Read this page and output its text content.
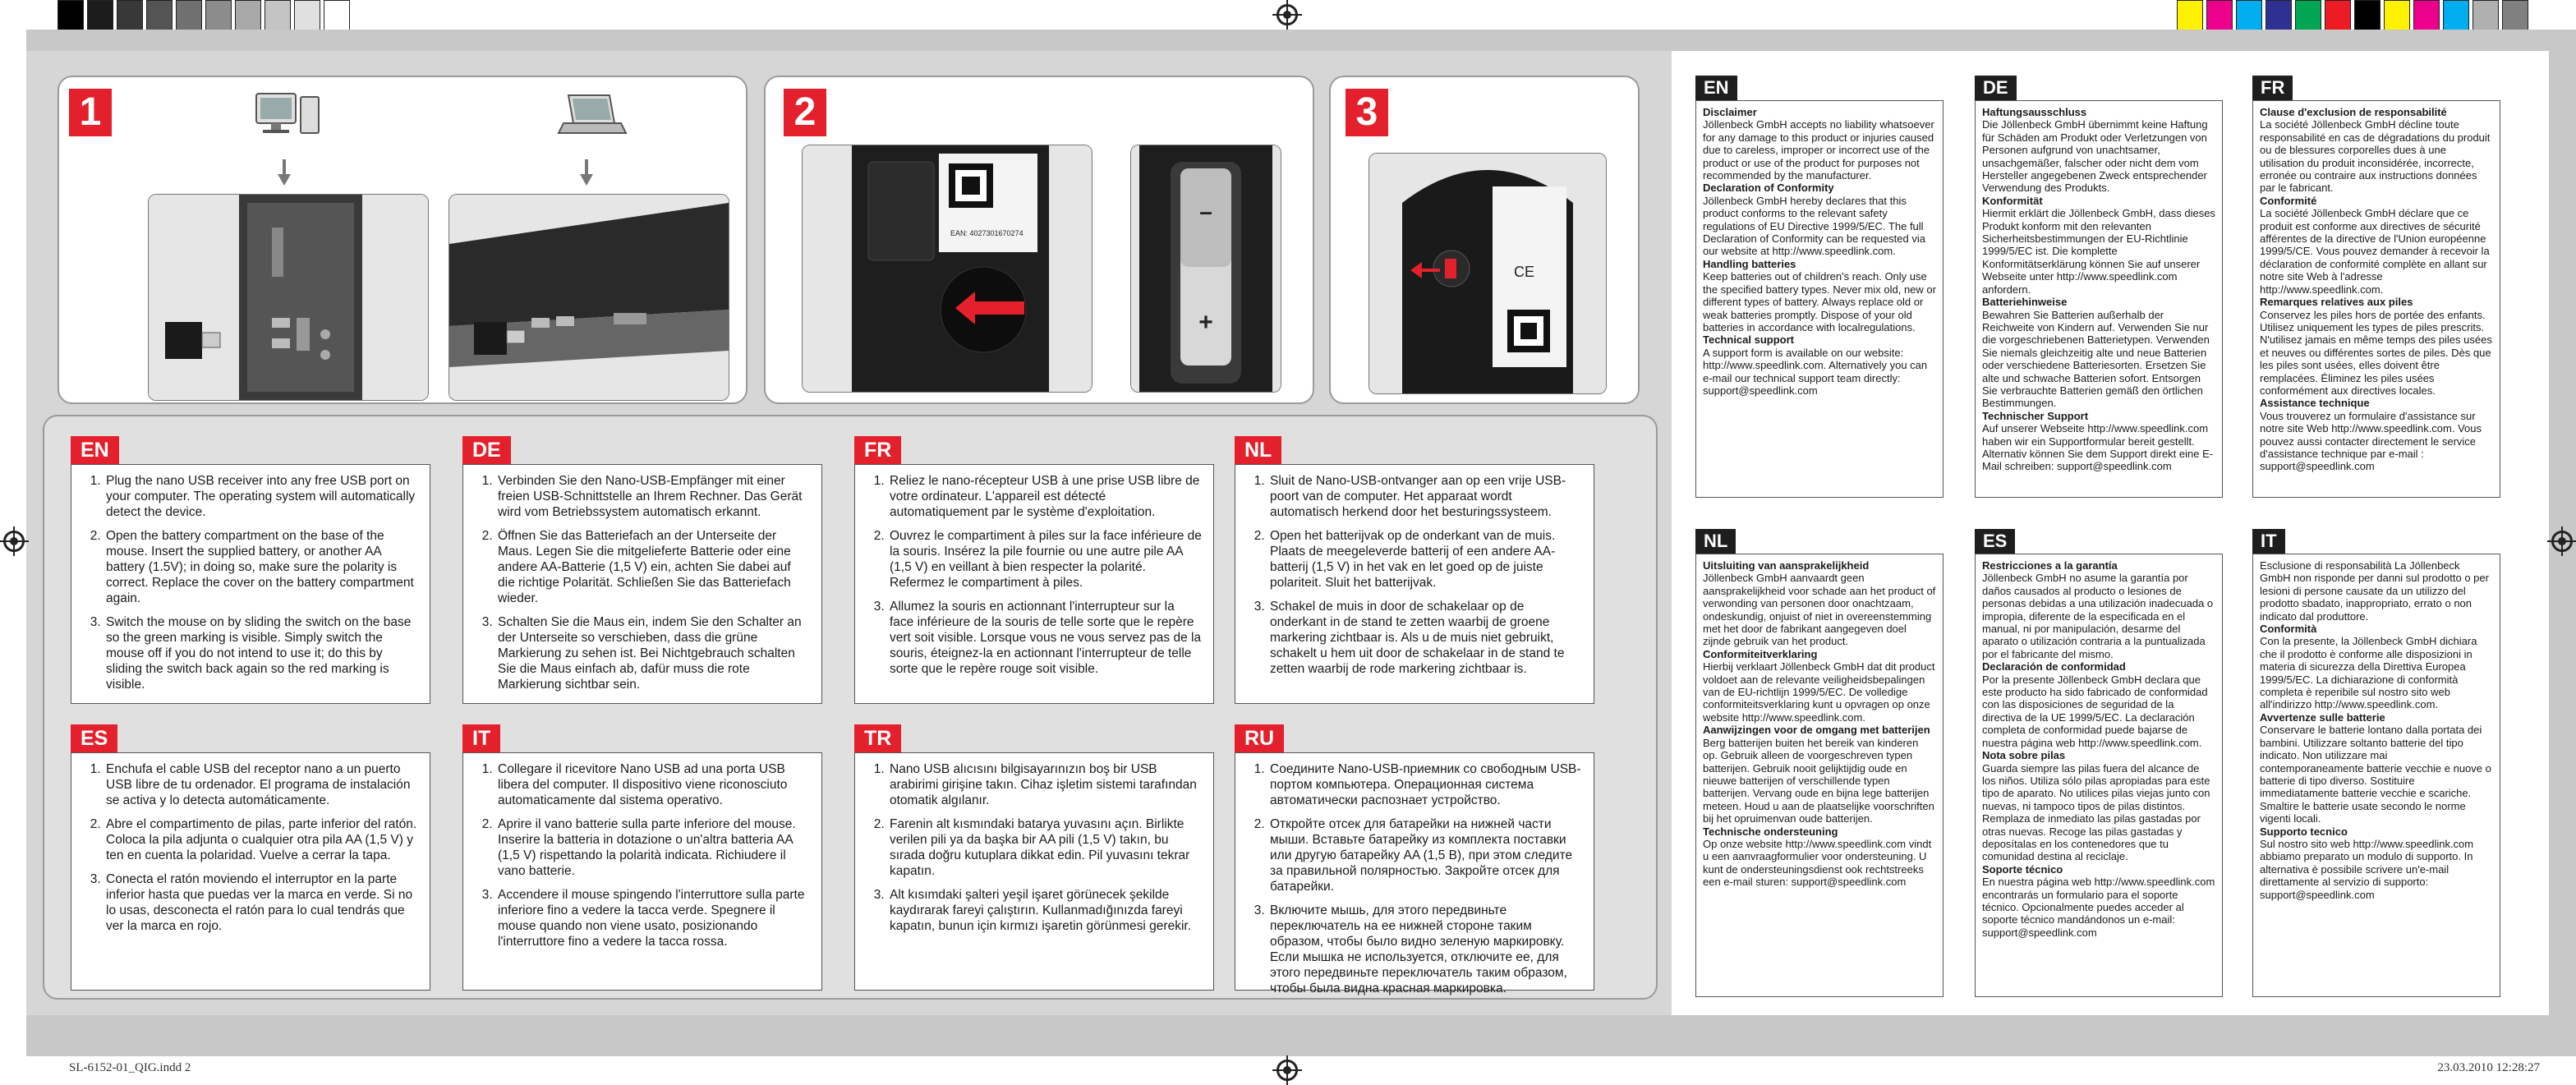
1	2
EAN: 4027301670274
–
+
3
CE
EN
1. Plug the nano USB receiver into any free USB port on your computer. The operating system will automatically detect the device.
2. Open the battery compartment on the base of the mouse. Insert the supplied battery, or another AA battery (1.5V); in doing so, make sure the polarity is correct. Replace the cover on the battery compartment again.
3. Switch the mouse on by sliding the switch on the base so the green marking is visible. Simply switch the mouse off if you do not intend to use it; do this by sliding the switch back again so the red marking is visible.
DE
1. Verbinden Sie den Nano-USB-Empfänger mit einer freien USB-Schnittstelle an Ihrem Rechner. Das Gerät wird vom Betriebssystem automatisch erkannt.
2. Öffnen Sie das Batteriefach an der Unterseite der Maus. Legen Sie die mitgelieferte Batterie oder eine andere AA-Batterie (1,5 V) ein, achten Sie dabei auf die richtige Polarität. Schließen Sie das Batteriefach wieder.
3. Schalten Sie die Maus ein, indem Sie den Schalter an der Unterseite so verschieben, dass die grüne Markierung zu sehen ist. Bei Nichtgebrauch schalten Sie die Maus einfach ab, dafür muss die rote Markierung sichtbar sein.
FR
1. Reliez le nano-récepteur USB à une prise USB libre de votre ordinateur. L'appareil est détecté automatiquement par le système d'exploitation.
2. Ouvrez le compartiment à piles sur la face inférieure de la souris. Insérez la pile fournie ou une autre pile AA (1,5 V) en veillant à bien respecter la polarité. Refermez le compartiment à piles.
3. Allumez la souris en actionnant l'interrupteur sur la face inférieure de la souris de telle sorte que le repère vert soit visible. Lorsque vous ne vous servez pas de la souris, éteignez-la en actionnant l'interrupteur de telle sorte que le repère rouge soit visible.
NL
1. Sluit de Nano-USB-ontvanger aan op een vrije USB-poort van de computer. Het apparaat wordt automatisch herkend door het besturingssysteem.
2. Open het batterijvak op de onderkant van de muis. Plaats de meegeleverde batterij of een andere AA-batterij (1,5 V) in het vak en let goed op de juiste polariteit. Sluit het batterijvak.
3. Schakel de muis in door de schakelaar op de onderkant in de stand te zetten waarbij de groene markering zichtbaar is. Als u de muis niet gebruikt, schakelt u hem uit door de schakelaar in de stand te zetten waarbij de rode markering zichtbaar is.
ES
1. Enchufa el cable USB del receptor nano a un puerto USB libre de tu ordenador. El programa de instalación se activa y lo detecta automáticamente.
2. Abre el compartimento de pilas, parte inferior del ratón. Coloca la pila adjunta o cualquier otra pila AA (1,5 V) y ten en cuenta la polaridad. Vuelve a cerrar la tapa.
3. Conecta el ratón moviendo el interruptor en la parte inferior hasta que puedas ver la marca en verde. Si no lo usas, desconecta el ratón para lo cual tendrás que ver la marca en rojo.
IT
1. Collegare il ricevitore Nano USB ad una porta USB libera del computer. Il dispositivo viene riconosciuto automaticamente dal sistema operativo.
2. Aprire il vano batterie sulla parte inferiore del mouse. Inserire la batteria in dotazione o un'altra batteria AA (1,5 V) rispettando la polarità indicata. Richiudere il vano batterie.
3. Accendere il mouse spingendo l'interruttore sulla parte inferiore fino a vedere la tacca verde. Spegnere il mouse quando non viene usato, posizionando l'interruttore fino a vedere la tacca rossa.
TR
1. Nano USB alıcısını bilgisayarınızın boş bir USB arabirimi girişine takın. Cihaz işletim sistemi tarafından otomatik algılanır.
2. Farenin alt kısmındaki batarya yuvasını açın. Birlikte verilen pili ya da başka bir AA pili (1,5 V) takın, bu sırada doğru kutuplara dikkat edin. Pil yuvasını tekrar kapatın.
3. Alt kısımdaki şalteri yeşil işaret görünecek şekilde kaydırarak fareyi çalıştırın. Kullanmadığınızda fareyi kapatın, bunun için kırmızı işaretin görünmesi gerekir.
RU
1. Соедините Nano-USB-приемник со свободным USB-портом компьютера. Операционная система автоматически распознает устройство.
2. Откройте отсек для батарейки на нижней части мыши. Вставьте батарейку из комплекта поставки или другую батарейку AA (1,5 В), при этом следите за правильной полярностью. Закройте отсек для батарейки.
3. Включите мышь, для этого передвиньте переключатель на ее нижней стороне таким образом, чтобы было видно зеленую маркировку. Если мышка не используется, отключите ее, для этого передвиньте переключатель таким образом, чтобы была видна красная маркировка.
EN
Disclaimer
Jöllenbeck GmbH accepts no liability whatsoever for any damage to this product or injuries caused due to careless, improper or incorrect use of the product or use of the product for purposes not recommended by the manufacturer.
Declaration of Conformity
Jöllenbeck GmbH hereby declares that this product conforms to the relevant safety regulations of EU Directive 1999/5/EC. The full Declaration of Conformity can be requested via our website at http://www.speedlink.com.
Handling batteries
Keep batteries out of children's reach. Only use the specified battery types. Never mix old, new or different types of battery. Always replace old or weak batteries promptly. Dispose of your old batteries in accordance with localregulations.
Technical support
A support form is available on our website: http://www.speedlink.com. Alternatively you can e-mail our technical support team directly: support@speedlink.com
DE
Haftungsausschluss
Die Jöllenbeck GmbH übernimmt keine Haftung für Schäden am Produkt oder Verletzungen von Personen aufgrund von unachtsamer, unsachgemäßer, falscher oder nicht dem vom Hersteller angegebenen Zweck entsprechender Verwendung des Produkts.
Konformität
Hiermit erklärt die Jöllenbeck GmbH, dass dieses Produkt konform mit den relevanten Sicherheitsbestimmungen der EU-Richtlinie 1999/5/EC ist. Die komplette Konformitätserklärung können Sie auf unserer Webseite unter http://www.speedlink.com anfordern.
Batteriehinweise
Bewahren Sie Batterien außerhalb der Reichweite von Kindern auf. Verwenden Sie nur die vorgeschriebenen Batterietypen. Verwenden Sie niemals gleichzeitig alte und neue Batterien oder verschiedene Batteriesorten. Ersetzen Sie alte und schwache Batterien sofort. Entsorgen Sie verbrauchte Batterien gemäß den örtlichen Bestimmungen.
Technischer Support
Auf unserer Webseite http://www.speedlink.com haben wir ein Supportformular bereit gestellt. Alternativ können Sie dem Support direkt eine E-Mail schreiben: support@speedlink.com
FR
Clause d'exclusion de responsabilité
La société Jöllenbeck GmbH décline toute responsabilité en cas de dégradations du produit ou de blessures corporelles dues à une utilisation du produit inconsidérée, incorrecte, erronée ou contraire aux instructions données par le fabricant.
Conformité
La société Jöllenbeck GmbH déclare que ce produit est conforme aux directives de sécurité afférentes de la directive de l'Union européenne 1999/5/CE. Vous pouvez demander à recevoir la déclaration de conformité complète en allant sur notre site Web à l'adresse http://www.speedlink.com.
Remarques relatives aux piles
Conservez les piles hors de portée des enfants. Utilisez uniquement les types de piles prescrits. N'utilisez jamais en même temps des piles usées et neuves ou différentes sortes de piles. Dès que les piles sont usées, elles doivent être remplacées. Éliminez les piles usées conformément aux directives locales.
Assistance technique
Vous trouverez un formulaire d'assistance sur notre site Web http://www.speedlink.com. Vous pouvez aussi contacter directement le service d'assistance technique par e-mail : support@speedlink.com
NL
Uitsluiting van aansprakelijkheid
Jöllenbeck GmbH aanvaardt geen aansprakelijkheid voor schade aan het product of verwonding van personen door onachtzaam, ondeskundig, onjuist of niet in overeenstemming met het door de fabrikant aangegeven doel zijnde gebruik van het product.
Conformiteitverklaring
Hierbij verklaart Jöllenbeck GmbH dat dit product voldoet aan de relevante veiligheidsbepalingen van de EU-richtlijn 1999/5/EC. De volledige conformiteitsverklaring kunt u opvragen op onze website http://www.speedlink.com.
Aanwijzingen voor de omgang met batterijen
Berg batterijen buiten het bereik van kinderen op. Gebruik alleen de voorgeschreven typen batterijen. Gebruik nooit gelijktijdig oude en nieuwe batterijen of verschillende typen batterijen. Vervang oude en bijna lege batterijen meteen. Houd u aan de plaatselijke voorschriften bij het opruimenvan oude batterijen.
Technische ondersteuning
Op onze website http://www.speedlink.com vindt u een aanvraagformulier voor ondersteuning. U kunt de ondersteuningsdienst ook rechtstreeks een e-mail sturen: support@speedlink.com
ES
Restricciones a la garantía
Jöllenbeck GmbH no asume la garantía por daños causados al producto o lesiones de personas debidas a una utilización inadecuada o impropia, diferente de la especificada en el manual, ni por manipulación, desarme del aparato o utilización contraria a la puntualizada por el fabricante del mismo.
Declaración de conformidad
Por la presente Jöllenbeck GmbH declara que este producto ha sido fabricado de conformidad con las disposiciones de seguridad de la directiva de la UE 1999/5/EC. La declaración completa de conformidad puede bajarse de nuestra página web http://www.speedlink.com.
Nota sobre pilas
Guarda siempre las pilas fuera del alcance de los niños. Utiliza sólo pilas apropiadas para este tipo de aparato. No utilices pilas viejas junto con nuevas, ni tampoco tipos de pilas distintos. Remplaza de inmediato las pilas gastadas por otras nuevas. Recoge las pilas gastadas y deposítalas en los contenedores que tu comunidad destina al reciclaje.
Soporte técnico
En nuestra página web http://www.speedlink.com encontrarás un formulario para el soporte técnico. Opcionalmente puedes acceder al soporte técnico mandándonos un e-mail: support@speedlink.com
IT
Esclusione di responsabilità La Jöllenbeck GmbH non risponde per danni sul prodotto o per lesioni di persone causate da un utilizzo del prodotto sbadato, inappropriato, errato o non indicato dal produttore.
Conformità
Con la presente, la Jöllenbeck GmbH dichiara che il prodotto è conforme alle disposizioni in materia di sicurezza della Direttiva Europea 1999/5/EC. La dichiarazione di conformità completa è reperibile sul nostro sito web all'indirizzo http://www.speedlink.com.
Avvertenze sulle batterie
Conservare le batterie lontano dalla portata dei bambini. Utilizzare soltanto batterie del tipo indicato. Non utilizzare mai contemporaneamente batterie vecchie e nuove o batterie di tipo diverso. Sostituire immediatamente batterie vecchie e scariche. Smaltire le batterie usate secondo le norme vigenti locali.
Supporto tecnico
Sul nostro sito web http://www.speedlink.com abbiamo preparato un modulo di supporto. In alternativa è possibile scrivere un'e-mail direttamente al servizio di supporto: support@speedlink.com
SL-6152-01_QIG.indd 2	23.03.2010 12:28:27
